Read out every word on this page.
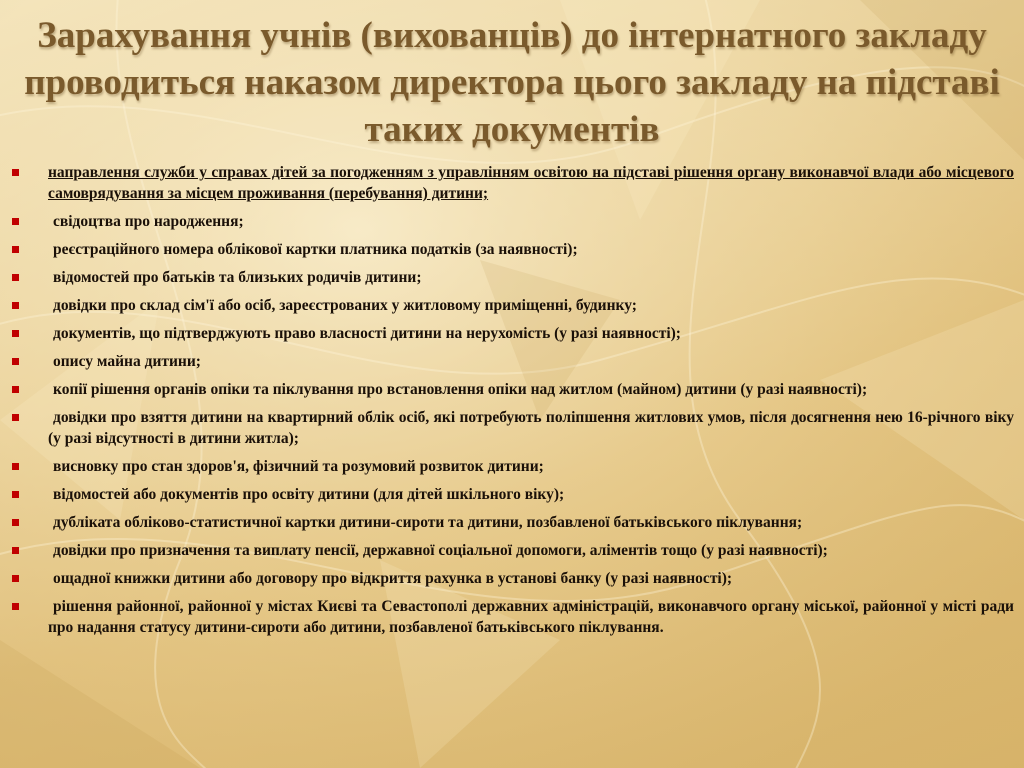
Зарахування учнів (вихованців) до інтернатного закладу проводиться наказом директора цього закладу на підставі таких документів
направлення служби у справах дітей за погодженням з управлінням освітою на підставі рішення органу виконавчої влади або місцевого самоврядування за місцем проживання (перебування) дитини;
свідоцтва про народження;
реєстраційного номера облікової картки платника податків (за наявності);
відомостей про батьків та близьких родичів дитини;
довідки про склад сім'ї або осіб, зареєстрованих у житловому приміщенні, будинку;
документів, що підтверджують право власності дитини на нерухомість (у разі наявності);
опису майна дитини;
копії рішення органів опіки та піклування про встановлення опіки над житлом (майном) дитини (у разі наявності);
довідки про взяття дитини на квартирний облік осіб, які потребують поліпшення житлових умов, після досягнення нею 16-річного віку (у разі відсутності в дитини житла);
висновку про стан здоров'я, фізичний та розумовий розвиток дитини;
відомостей або документів про освіту дитини (для дітей шкільного віку);
дубліката обліково-статистичної картки дитини-сироти та дитини, позбавленої батьківського піклування;
довідки про призначення та виплату пенсії, державної соціальної допомоги, аліментів тощо (у разі наявності);
ощадної книжки дитини або договору про відкриття рахунка в установі банку (у разі наявності);
рішення районної, районної у містах Києві та Севастополі державних адміністрацій, виконавчого органу міської, районної у місті ради про надання статусу дитини-сироти або дитини, позбавленої батьківського піклування.
